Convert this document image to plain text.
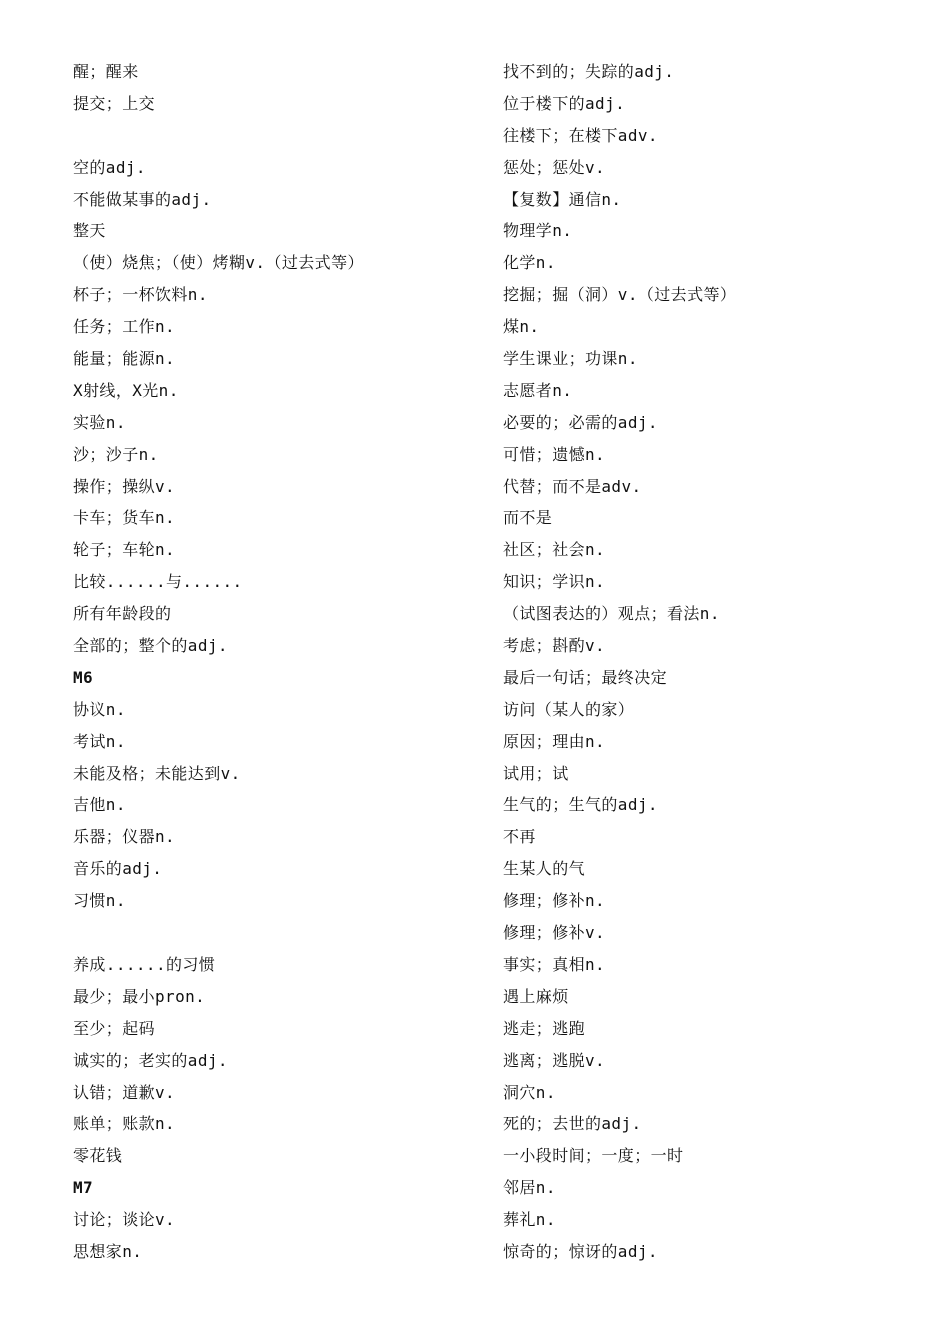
醒；醒来
提交；上交
空的adj.
不能做某事的adj.
整天
（使）烧焦；（使）烤糊v.（过去式等）
杯子；一杯饮料n.
任务；工作n.
能量；能源n.
X射线，X光n.
实验n.
沙；沙子n.
操作；操纵v.
卡车；货车n.
轮子；车轮n.
比较......与......
所有年龄段的
全部的；整个的adj.
M6
协议n.
考试n.
未能及格；未能达到v.
吉他n.
乐器；仪器n.
音乐的adj.
习惯n.
养成......的习惯
最少；最小pron.
至少；起码
诚实的；老实的adj.
认错；道歉v.
账单；账款n.
零花钱
M7
讨论；谈论v.
思想家n.
找不到的；失踪的adj.
位于楼下的adj.
往楼下；在楼下adv.
惩处；惩处v.
【复数】通信n.
物理学n.
化学n.
挖掘；掘（洞）v.（过去式等）
煤n.
学生课业；功课n.
志愿者n.
必要的；必需的adj.
可惜；遗憾n.
代替；而不是adv.
而不是
社区；社会n.
知识；学识n.
（试图表达的）观点；看法n.
考虑；斟酌v.
最后一句话；最终决定
访问（某人的家）
原因；理由n.
试用；试
生气的；生气的adj.
不再
生某人的气
修理；修补n.
修理；修补v.
事实；真相n.
遇上麻烦
逃走；逃跑
逃离；逃脱v.
洞穴n.
死的；去世的adj.
一小段时间；一度；一时
邻居n.
葬礼n.
惊奇的；惊讶的adj.
